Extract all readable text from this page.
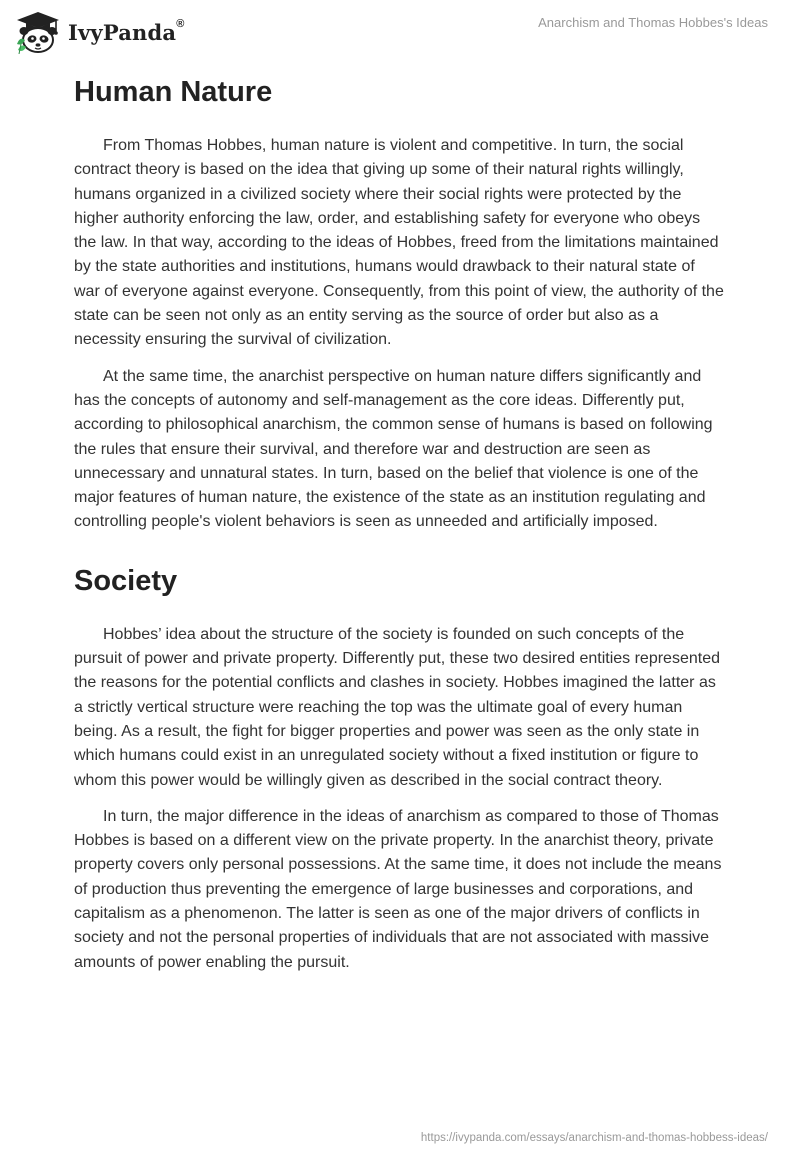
IvyPanda®	Anarchism and Thomas Hobbes's Ideas
Human Nature

From Thomas Hobbes, human nature is violent and competitive. In turn, the social contract theory is based on the idea that giving up some of their natural rights willingly, humans organized in a civilized society where their social rights were protected by the higher authority enforcing the law, order, and establishing safety for everyone who obeys the law. In that way, according to the ideas of Hobbes, freed from the limitations maintained by the state authorities and institutions, humans would drawback to their natural state of war of everyone against everyone. Consequently, from this point of view, the authority of the state can be seen not only as an entity serving as the source of order but also as a necessity ensuring the survival of civilization.

At the same time, the anarchist perspective on human nature differs significantly and has the concepts of autonomy and self-management as the core ideas. Differently put, according to philosophical anarchism, the common sense of humans is based on following the rules that ensure their survival, and therefore war and destruction are seen as unnecessary and unnatural states. In turn, based on the belief that violence is one of the major features of human nature, the existence of the state as an institution regulating and controlling people's violent behaviors is seen as unneeded and artificially imposed.

Society

Hobbes’ idea about the structure of the society is founded on such concepts of the pursuit of power and private property. Differently put, these two desired entities represented the reasons for the potential conflicts and clashes in society. Hobbes imagined the latter as a strictly vertical structure were reaching the top was the ultimate goal of every human being. As a result, the fight for bigger properties and power was seen as the only state in which humans could exist in an unregulated society without a fixed institution or figure to whom this power would be willingly given as described in the social contract theory.

In turn, the major difference in the ideas of anarchism as compared to those of Thomas Hobbes is based on a different view on the private property. In the anarchist theory, private property covers only personal possessions. At the same time, it does not include the means of production thus preventing the emergence of large businesses and corporations, and capitalism as a phenomenon. The latter is seen as one of the major drivers of conflicts in society and not the personal properties of individuals that are not associated with massive amounts of power enabling the pursuit.

https://ivypanda.com/essays/anarchism-and-thomas-hobbess-ideas/
